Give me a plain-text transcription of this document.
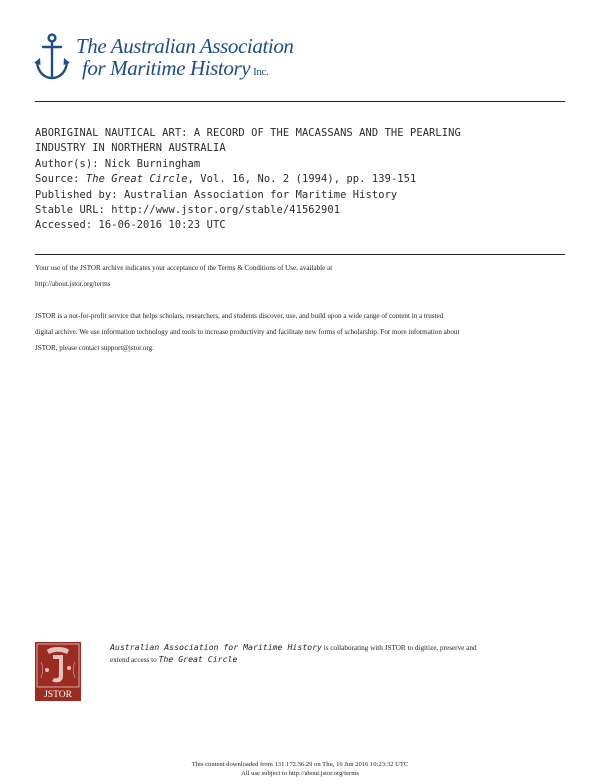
The Australian Association
for Maritime History Inc.
ABORIGINAL NAUTICAL ART: A RECORD OF THE MACASSANS AND THE PEARLING
INDUSTRY IN NORTHERN AUSTRALIA
Author(s): Nick Burningham
Source: The Great Circle, Vol. 16, No. 2 (1994), pp. 139-151
Published by: Australian Association for Maritime History
Stable URL: http://www.jstor.org/stable/41562901
Accessed: 16-06-2016 10:23 UTC
Your use of the JSTOR archive indicates your acceptance of the Terms & Conditions of Use, available at
http://about.jstor.org/terms
JSTOR is a not-for-profit service that helps scholars, researchers, and students discover, use, and build upon a wide range of content in a trusted
digital archive. We use information technology and tools to increase productivity and facilitate new forms of scholarship. For more information about
JSTOR, please contact support@jstor.org.
JSTOR
Australian Association for Maritime History is collaborating with JSTOR to digitize, preserve and
extend access to The Great Circle
This content downloaded from 131.172.36.29 on Thu, 16 Jun 2016 10:23:32 UTC
All use subject to http://about.jstor.org/terms
